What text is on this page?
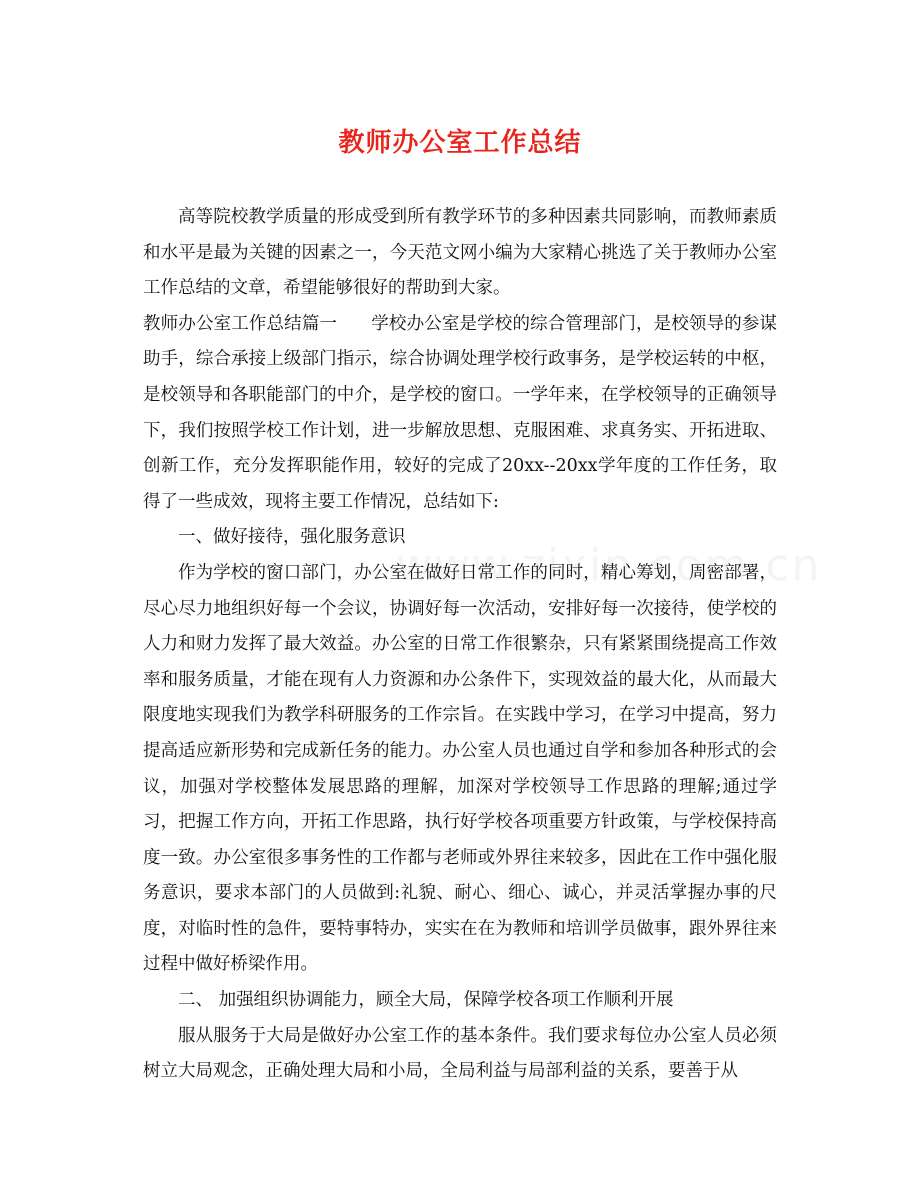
教师办公室工作总结

高等院校教学质量的形成受到所有教学环节的多种因素共同影响，而教师素质和水平是最为关键的因素之一，今天范文网小编为大家精心挑选了关于教师办公室工作总结的文章，希望能够很好的帮助到大家。

教师办公室工作总结篇一 学校办公室是学校的综合管理部门，是校领导的参谋助手，综合承接上级部门指示，综合协调处理学校行政事务，是学校运转的中枢，是校领导和各职能部门的中介，是学校的窗口。一学年来，在学校领导的正确领导下，我们按照学校工作计划，进一步解放思想、克服困难、求真务实、开拓进取、创新工作，充分发挥职能作用，较好的完成了20xx--20xx学年度的工作任务，取得了一些成效，现将主要工作情况，总结如下:

一、做好接待，强化服务意识

作为学校的窗口部门，办公室在做好日常工作的同时，精心筹划，周密部署，尽心尽力地组织好每一个会议，协调好每一次活动，安排好每一次接待，使学校的人力和财力发挥了最大效益。办公室的日常工作很繁杂，只有紧紧围绕提高工作效率和服务质量，才能在现有人力资源和办公条件下，实现效益的最大化，从而最大限度地实现我们为教学科研服务的工作宗旨。在实践中学习，在学习中提高，努力提高适应新形势和完成新任务的能力。办公室人员也通过自学和参加各种形式的会议，加强对学校整体发展思路的理解，加深对学校领导工作思路的理解;通过学习，把握工作方向，开拓工作思路，执行好学校各项重要方针政策，与学校保持高度一致。办公室很多事务性的工作都与老师或外界往来较多，因此在工作中强化服务意识，要求本部门的人员做到:礼貌、耐心、细心、诚心，并灵活掌握办事的尺度，对临时性的急件，要特事特办，实实在在为教师和培训学员做事，跟外界往来过程中做好桥梁作用。

二、 加强组织协调能力，顾全大局，保障学校各项工作顺利开展

服从服务于大局是做好办公室工作的基本条件。我们要求每位办公室人员必须树立大局观念，正确处理大局和小局，全局利益与局部利益的关系，要善于从
